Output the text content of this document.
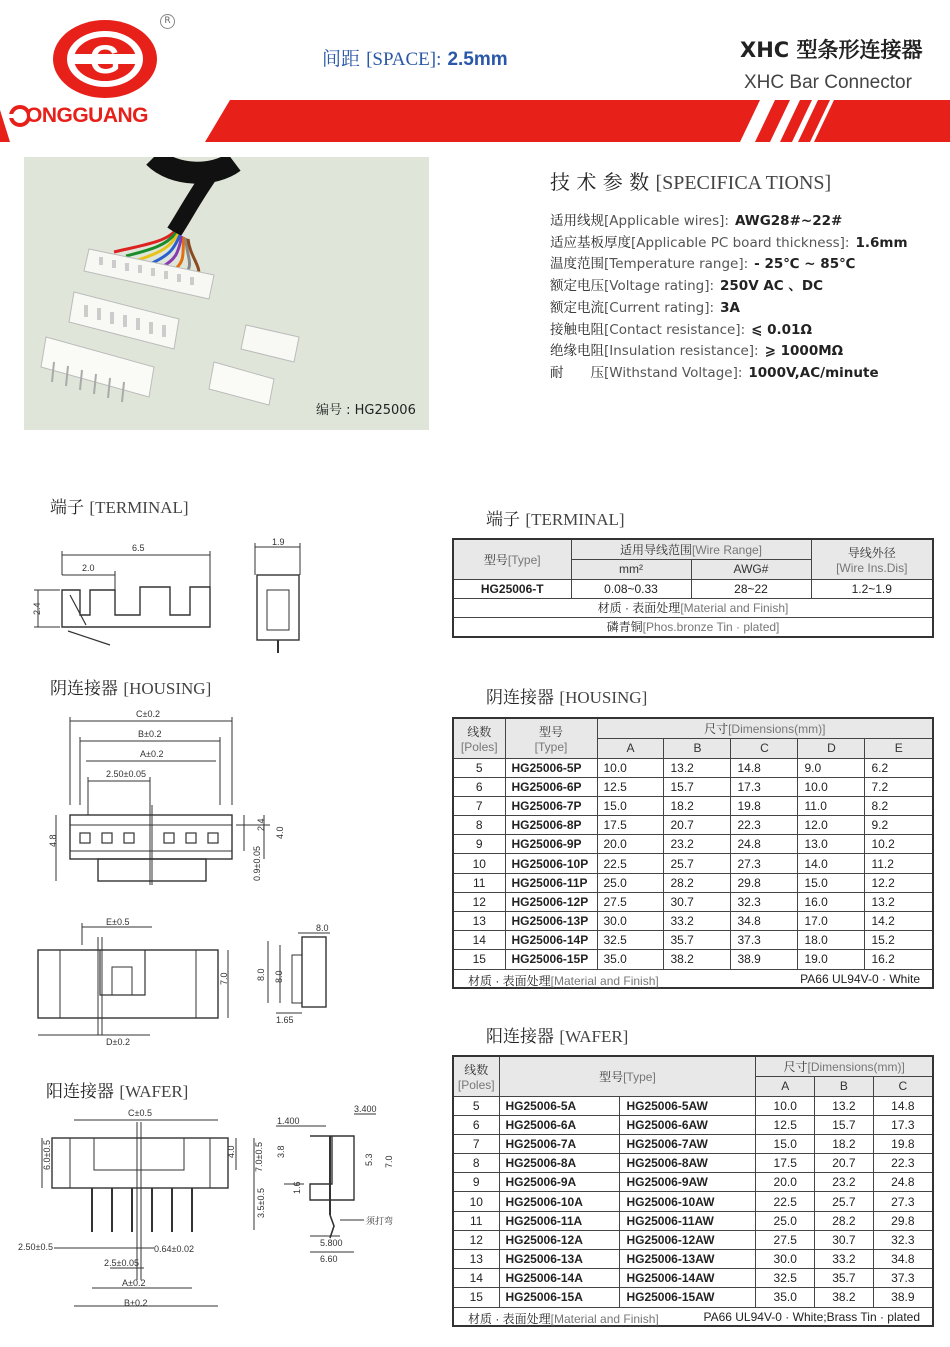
G
R
ONGGUANG
间距 [SPACE]: 2.5mm	XHC 型条形连接器
XHC Bar Connector
编号 : HG25006
技 术 参 数 [SPECIFICA TIONS]
适用线规[Applicable wires]: AWG28#~22#
适应基板厚度[Applicable PC board thickness]: 1.6mm
温度范围[Temperature range]: - 25℃ ~ 85℃
额定电压[Voltage rating]: 250V AC 、DC
额定电流[Current rating]: 3A
接触电阻[Contact resistance]: ⩽ 0.01Ω
绝缘电阻[Insulation resistance]: ⩾ 1000MΩ
耐　　压[Withstand Voltage]: 1000V,AC/minute
端子 [TERMINAL]
端子 [TERMINAL]
阴连接器 [HOUSING]	阴连接器 [HOUSING]
阳连接器 [WAFER]
阳连接器 [WAFER]
6.5
2.0
2.4
1.9
C±0.2
B±0.2
A±0.2
2.50±0.05
4.8
2.4
4.0
0.9±0.05
E±0.5
D±0.2
7.0
8.0
8.0 8.0
1.65
C±0.5
6.0±0.5	4.0 7.0±0.5
3.5±0.5
2.50±0.5	0.64±0.02
2.5±0.05
A±0.2
B±0.2
1.400
3.400
3.8
5.3 7.0
1.6
须打弯
5.800
6.60
型号[Type]	适用导线范围[Wire Range]		导线外径
[Wire Ins.Dis]
	mm²	AWG#	
HG25006-T	0.08~0.33	28~22	1.2~1.9
材质 · 表面处理[Material and Finish]			
磷青铜[Phos.bronze Tin · plated]			
线数
[Poles]	型号
[Type]	尺寸[Dimensions(mm)]				
		A	B	C	D	E
5	HG25006-5P	10.0	13.2	14.8	9.0	6.2
6	HG25006-6P	12.5	15.7	17.3	10.0	7.2
7	HG25006-7P	15.0	18.2	19.8	11.0	8.2
8	HG25006-8P	17.5	20.7	22.3	12.0	9.2
9	HG25006-9P	20.0	23.2	24.8	13.0	10.2
10	HG25006-10P	22.5	25.7	27.3	14.0	11.2
11	HG25006-11P	25.0	28.2	29.8	15.0	12.2
12	HG25006-12P	27.5	30.7	32.3	16.0	13.2
13	HG25006-13P	30.0	33.2	34.8	17.0	14.2
14	HG25006-14P	32.5	35.7	37.3	18.0	15.2
15	HG25006-15P	35.0	38.2	38.9	19.0	16.2

材质 · 表面处理[Material and Finish] PA66 UL94V-0 · White						

线数
[Poles]	型号[Type]		尺寸[Dimensions(mm)]		
			A	B	C
5	HG25006-5A	HG25006-5AW	10.0	13.2	14.8
6	HG25006-6A	HG25006-6AW	12.5	15.7	17.3
7	HG25006-7A	HG25006-7AW	15.0	18.2	19.8
8	HG25006-8A	HG25006-8AW	17.5	20.7	22.3
9	HG25006-9A	HG25006-9AW	20.0	23.2	24.8
10	HG25006-10A	HG25006-10AW	22.5	25.7	27.3
11	HG25006-11A	HG25006-11AW	25.0	28.2	29.8
12	HG25006-12A	HG25006-12AW	27.5	30.7	32.3
13	HG25006-13A	HG25006-13AW	30.0	33.2	34.8
14	HG25006-14A	HG25006-14AW	32.5	35.7	37.3
15	HG25006-15A	HG25006-15AW	35.0	38.2	38.9

材质 · 表面处理[Material and Finish] PA66 UL94V-0 · White;Brass Tin · plated					
